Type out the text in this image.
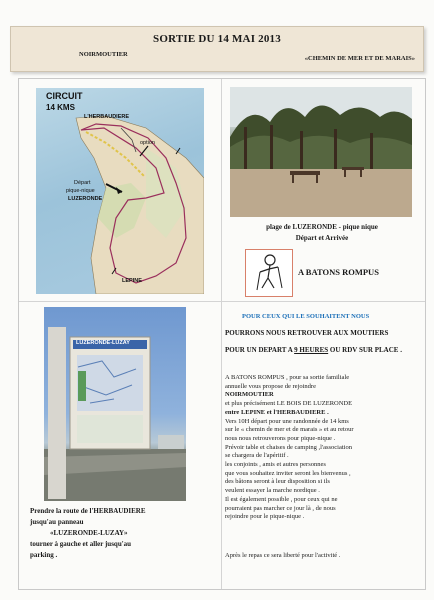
SORTIE DU 14 MAI 2013
NOIRMOUTIER
«CHEMIN DE MER ET DE MARAIS»
CIRCUIT
14 KMS
L'HERBAUDIERE
option
Départ
pique-nique
LUZERONDE
LEPINE
plage de LUZERONDE - pique nique
Départ et Arrivée
A BATONS ROMPUS
LUZERONDE-LUZAY
Prendre la route de l'HERBAUDIERE
jusqu'au panneau
«LUZERONDE-LUZAY»
tourner à gauche et aller jusqu'au
parking .
POUR CEUX QUI LE SOUHAITENT NOUS
POURRONS NOUS RETROUVER AUX MOUTIERS
POUR UN DEPART A 9 HEURES OU RDV SUR PLACE .
A BATONS ROMPUS , pour sa sortie familiale
annuelle vous propose de rejoindre
NOIRMOUTIER
et plus précisément LE BOIS DE LUZERONDE
entre LEPINE et l'HERBAUDIERE .
Vers 10H départ pour une randonnée de 14 kms
sur le « chemin de mer et de marais » et au retour
nous nous retrouverons pour pique-nique .
Prévoir table et chaises de camping ,l'association
se chargera de l'apéritif .
les conjoints , amis et autres personnes
que vous souhaitez inviter seront les bienvenus ,
des bâtons seront à leur disposition si ils
veulent essayer la marche nordique .
Il est également possible , pour ceux qui ne
pourraient pas marcher ce jour là , de nous
rejoindre pour le pique-nique .
Après le repas ce sera liberté pour l'activité .
